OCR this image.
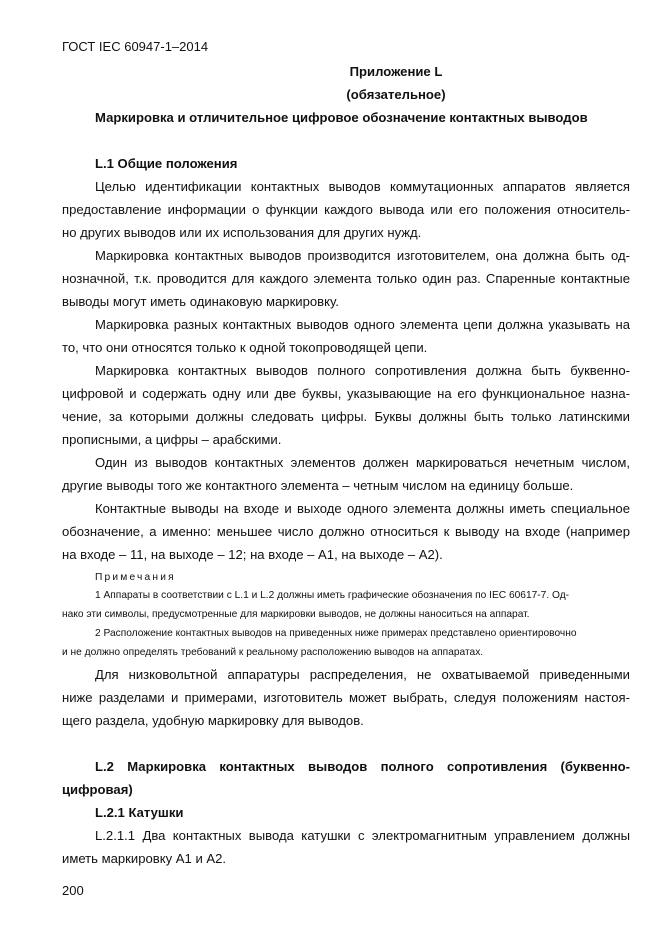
ГОСТ IEC 60947-1–2014
Приложение L
(обязательное)
Маркировка и отличительное цифровое обозначение контактных выводов
L.1 Общие положения
Целью идентификации контактных выводов коммутационных аппаратов является
предоставление информации о функции каждого вывода или его положения относитель-
но других выводов или их использования для других нужд.
Маркировка контактных выводов производится изготовителем, она должна быть од-
нозначной, т.к. проводится для каждого элемента только один раз. Спаренные контактные
выводы могут иметь одинаковую маркировку.
Маркировка разных контактных выводов одного элемента цепи должна указывать на
то, что они относятся только к одной токопроводящей цепи.
Маркировка контактных выводов полного сопротивления должна быть буквенно-
цифровой и содержать одну или две буквы, указывающие на его функциональное назна-
чение, за которыми должны следовать цифры. Буквы должны быть только латинскими
прописными, а цифры – арабскими.
Один из выводов контактных элементов должен маркироваться нечетным числом,
другие выводы того же контактного элемента – четным числом на единицу больше.
Контактные выводы на входе и выходе одного элемента должны иметь специальное
обозначение, а именно: меньшее число должно относиться к выводу на входе (например
на входе – 11, на выходе – 12; на входе – А1, на выходе – А2).
Примечания
1 Аппараты в соответствии с L.1 и L.2 должны иметь графические обозначения по IEC 60617-7. Од-
нако эти символы, предусмотренные для маркировки выводов, не должны наноситься на аппарат.
2 Расположение контактных выводов на приведенных ниже примерах представлено ориентировочно
и не должно определять требований к реальному расположению выводов на аппаратах.
Для низковольтной аппаратуры распределения, не охватываемой приведенными
ниже разделами и примерами, изготовитель может выбрать, следуя положениям настоя-
щего раздела, удобную маркировку для выводов.
L.2 Маркировка контактных выводов полного сопротивления (буквенно-
цифровая)
L.2.1 Катушки
L.2.1.1 Два контактных вывода катушки с электромагнитным управлением должны
иметь маркировку А1 и А2.
200
